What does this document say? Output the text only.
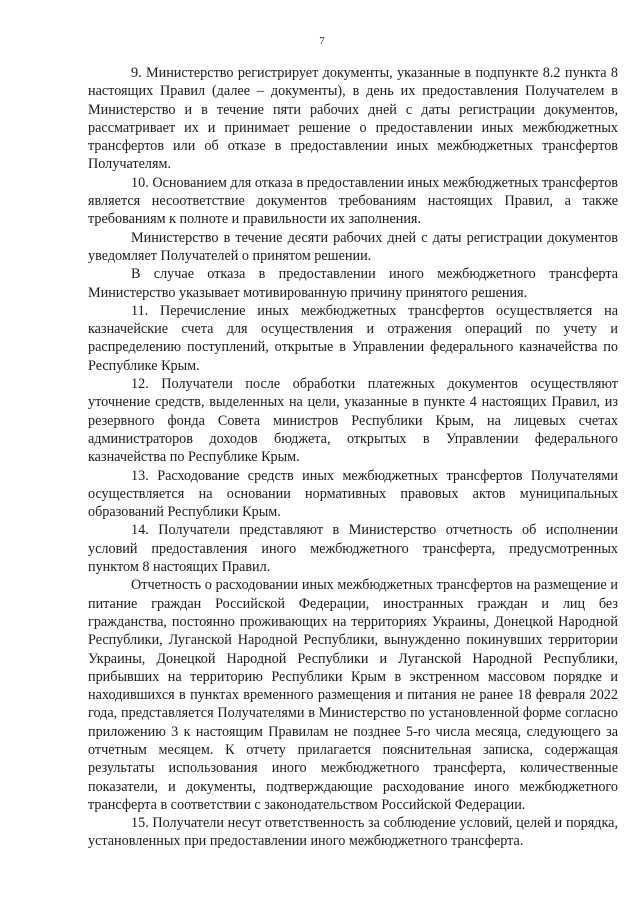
7

9. Министерство регистрирует документы, указанные в подпункте 8.2 пункта 8 настоящих Правил (далее – документы), в день их предоставления Получателем в Министерство и в течение пяти рабочих дней с даты регистрации документов, рассматривает их и принимает решение о предоставлении иных межбюджетных трансфертов или об отказе в предоставлении иных межбюджетных трансфертов Получателям.

10. Основанием для отказа в предоставлении иных межбюджетных трансфертов является несоответствие документов требованиям настоящих Правил, а также требованиям к полноте и правильности их заполнения.

Министерство в течение десяти рабочих дней с даты регистрации документов уведомляет Получателей о принятом решении.

В случае отказа в предоставлении иного межбюджетного трансферта Министерство указывает мотивированную причину принятого решения.

11. Перечисление иных межбюджетных трансфертов осуществляется на казначейские счета для осуществления и отражения операций по учету и распределению поступлений, открытые в Управлении федерального казначейства по Республике Крым.

12. Получатели после обработки платежных документов осуществляют уточнение средств, выделенных на цели, указанные в пункте 4 настоящих Правил, из резервного фонда Совета министров Республики Крым, на лицевых счетах администраторов доходов бюджета, открытых в Управлении федерального казначейства по Республике Крым.

13. Расходование средств иных межбюджетных трансфертов Получателями осуществляется на основании нормативных правовых актов муниципальных образований Республики Крым.

14. Получатели представляют в Министерство отчетность об исполнении условий предоставления иного межбюджетного трансферта, предусмотренных пунктом 8 настоящих Правил.

Отчетность о расходовании иных межбюджетных трансфертов на размещение и питание граждан Российской Федерации, иностранных граждан и лиц без гражданства, постоянно проживающих на территориях Украины, Донецкой Народной Республики, Луганской Народной Республики, вынужденно покинувших территории Украины, Донецкой Народной Республики и Луганской Народной Республики, прибывших на территорию Республики Крым в экстренном массовом порядке и находившихся в пунктах временного размещения и питания не ранее 18 февраля 2022 года, представляется Получателями в Министерство по установленной форме согласно приложению 3 к настоящим Правилам не позднее 5-го числа месяца, следующего за отчетным месяцем. К отчету прилагается пояснительная записка, содержащая результаты использования иного межбюджетного трансферта, количественные показатели, и документы, подтверждающие расходование иного межбюджетного трансферта в соответствии с законодательством Российской Федерации.

15. Получатели несут ответственность за соблюдение условий, целей и порядка, установленных при предоставлении иного межбюджетного трансферта.
